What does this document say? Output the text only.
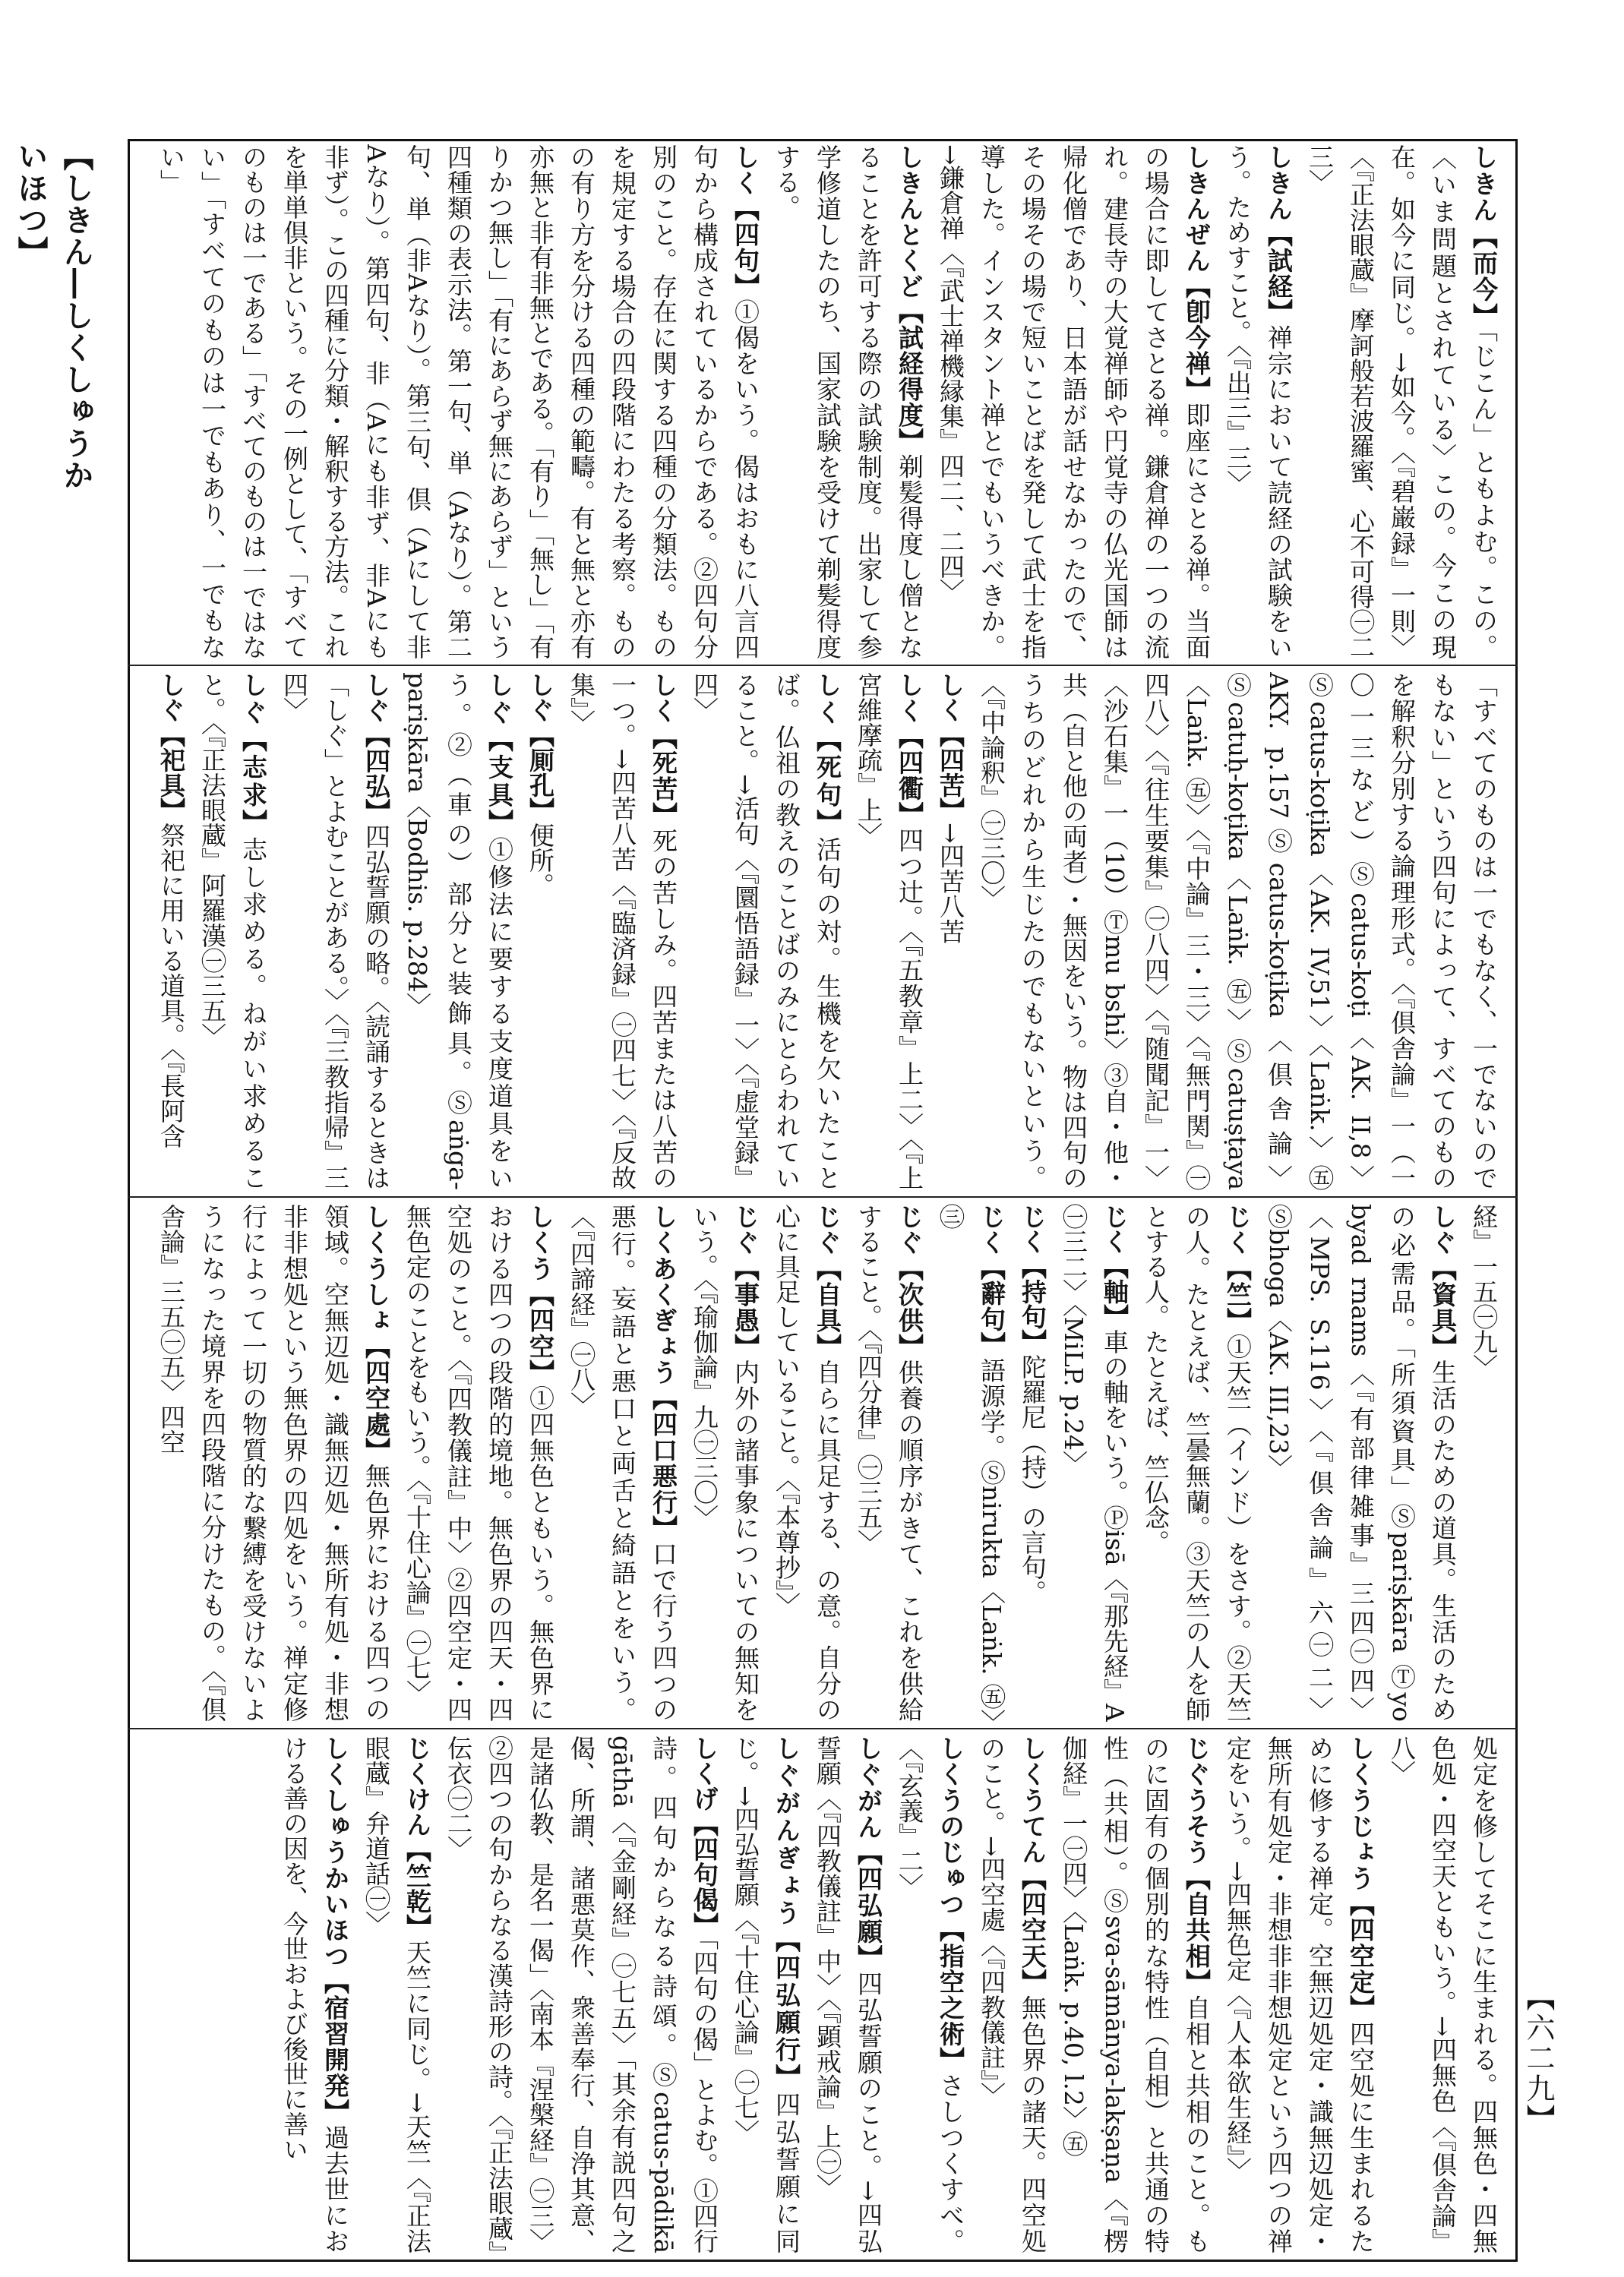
【しきん―しくしゅうかいほつ】	しきん【而今】「じこん」ともよむ。この。〈いま問題とされている〉この。今この現在。如今に同じ。→如今。〈『碧巌録』一則〉〈『正法眼蔵』摩訶般若波羅蜜、心不可得㊀二三〉
しきん【試経】禅宗において読経の試験をいう。ためすこと。〈『出三』三〉
しきんぜん【卽今禅】即座にさとる禅。当面の場合に即してさとる禅。鎌倉禅の一つの流れ。建長寺の大覚禅師や円覚寺の仏光国師は帰化僧であり、日本語が話せなかったので、その場その場で短いことばを発して武士を指導した。インスタント禅とでもいうべきか。→鎌倉禅〈『武士禅機縁集』四二、二四〉
しきんとくど【試経得度】剃髪得度し僧となることを許可する際の試験制度。出家して参学修道したのち、国家試験を受けて剃髪得度する。
しく【四句】①偈をいう。偈はおもに八言四句から構成されているからである。②四句分別のこと。存在に関する四種の分類法。ものを規定する場合の四段階にわたる考察。ものの有り方を分ける四種の範疇。有と無と亦有亦無と非有非無とである。「有り」「無し」「有りかつ無し」「有にあらず無にあらず」という四種類の表示法。第一句、単（Aなり）。第二句、単（非Aなり）。第三句、倶（Aにして非Aなり）。第四句、非（Aにも非ず、非Aにも非ず）。この四種に分類・解釈する方法。これを単単倶非という。その一例として、「すべてのものは一である」「すべてのものは一ではない」「すべてのものは一でもあり、一でもない」
「すべてのものは一でもなく、一でないのでもない」という四句によって、すべてのものを解釈分別する論理形式。〈『倶舎論』一（一〇一三など）Ⓢcatus-koṭi〈AK. II,8〉Ⓢcatus-koṭika〈AK. IV,51〉〈Laṅk.〉㊄AKY. p.157Ⓢcatus-koṭika〈倶舎論〉Ⓢcatuḥ-koṭika〈Laṅk. ㊄〉Ⓢcatuṣṭaya〈Laṅk. ㊄〉〈『中論』三・三〉〈『無門関』㊀四八〉〈『往生要集』㊀八四〉〈『随聞記』一〉〈沙石集』一（10）Ⓣmu bshi〉③自・他・共（自と他の両者）・無因をいう。物は四句のうちのどれから生じたのでもないという。〈『中論釈』㊀三〇〉
しく【四苦】→四苦八苦
しく【四衢】四つ辻。〈『五教章』上二〉〈『上宮維摩疏』上〉
しく【死句】活句の対。生機を欠いたことば。仏祖の教えのことばのみにとらわれていること。→活句〈『圜悟語録』一〉〈『虚堂録』四〉
しく【死苦】死の苦しみ。四苦または八苦の一つ。→四苦八苦〈『臨済録』㊀四七〉〈『反故集』〉
しぐ【厠孔】便所。
しぐ【支具】①修法に要する支度道具をいう。②（車の）部分と装飾具。Ⓢaṅga-pariṣkāra〈Bodhis. p.284〉
しぐ【四弘】四弘誓願の略。〈読誦するときは「しぐ」とよむことがある。〉〈『三教指帰』三四〉
しぐ【志求】志し求める。ねがい求めること。〈『正法眼蔵』阿羅漢㊀三五〉
しぐ【祀具】祭祀に用いる道具。〈『長阿含
経』一五㊀九〉
しぐ【資具】生活のための道具。生活のための必需品。「所須資具」Ⓢpariṣkāra Ⓣyo byad rnams〈『有部律雑事』三四㊀四〉〈MPS. S.116〉〈『倶舎論』六㊀二〉Ⓢbhoga〈AK. III,23〉
じく【竺】①天竺（インド）をさす。②天竺の人。たとえば、竺曇無蘭。③天竺の人を師とする人。たとえば、竺仏念。
じく【軸】車の軸をいう。Ⓟisā〈『那先経』A㊀三二〉〈MiLP. p.24〉
じく【持句】陀羅尼（持）の言句。
じく【辭句】語源学。Ⓢnirukta〈Laṅk. ㊄〉㊂
じぐ【次供】供養の順序がきて、これを供給すること。〈『四分律』㊀三五〉
じぐ【自具】自らに具足する、の意。自分の心に具足していること。〈『本尊抄』〉
じぐ【事愚】内外の諸事象についての無知をいう。〈『瑜伽論』九㊀三〇〉
しくあくぎょう【四口悪行】口で行う四つの悪行。妄語と悪口と両舌と綺語とをいう。〈『四諦経』㊀八〉
しくう【四空】①四無色ともいう。無色界における四つの段階的境地。無色界の四天・四空処のこと。〈『四教儀註』中〉②四空定・四無色定のことをもいう。〈『十住心論』㊀七〉
しくうしょ【四空處】無色界における四つの領域。空無辺処・識無辺処・無所有処・非想非非想処という無色界の四処をいう。禅定修行によって一切の物質的な繋縛を受けないようになった境界を四段階に分けたもの。〈『倶舎論』三五㊀五〉四空
処定を修してそこに生まれる。四無色・四無色処・四空天ともいう。→四無色〈『倶舎論』八〉
しくうじょう【四空定】四空処に生まれるために修する禅定。空無辺処定・識無辺処定・無所有処定・非想非非想処定という四つの禅定をいう。→四無色定〈『人本欲生経』〉
じぐうそう【自共相】自相と共相のこと。ものに固有の個別的な特性（自相）と共通の特性（共相）。Ⓢsva-sāmānya-lakṣaṇa〈『楞伽経』一㊀四〉〈Laṅk. p.40, l.2〉㊄
しくうてん【四空天】無色界の諸天。四空処のこと。→四空處〈『四教儀註』〉
しくうのじゅつ【指空之術】さしつくすべ。〈『玄義』二〉
しぐがん【四弘願】四弘誓願のこと。→四弘誓願〈『四教儀註』中〉〈『顕戒論』上㊀〉
しぐがんぎょう【四弘願行】四弘誓願に同じ。→四弘誓願〈『十住心論』㊀七〉
しくげ【四句偈】「四句の偈」とよむ。①四行詩。四句からなる詩頌。Ⓢcatus-pādikā gāthā〈『金剛経』㊀七五〉「其余有説四句之偈、所謂、諸悪莫作、衆善奉行、自浄其意、是諸仏教、是名一偈」〈南本『涅槃経』㊀三〉②四つの句からなる漢詩形の詩。〈『正法眼蔵』伝衣㊀二〉
じくけん【竺乾】天竺に同じ。→天竺〈『正法眼蔵』弁道話㊀〉
しくしゅうかいほつ【宿習開発】過去世における善の因を、今世および後世に善い	【六二九】
